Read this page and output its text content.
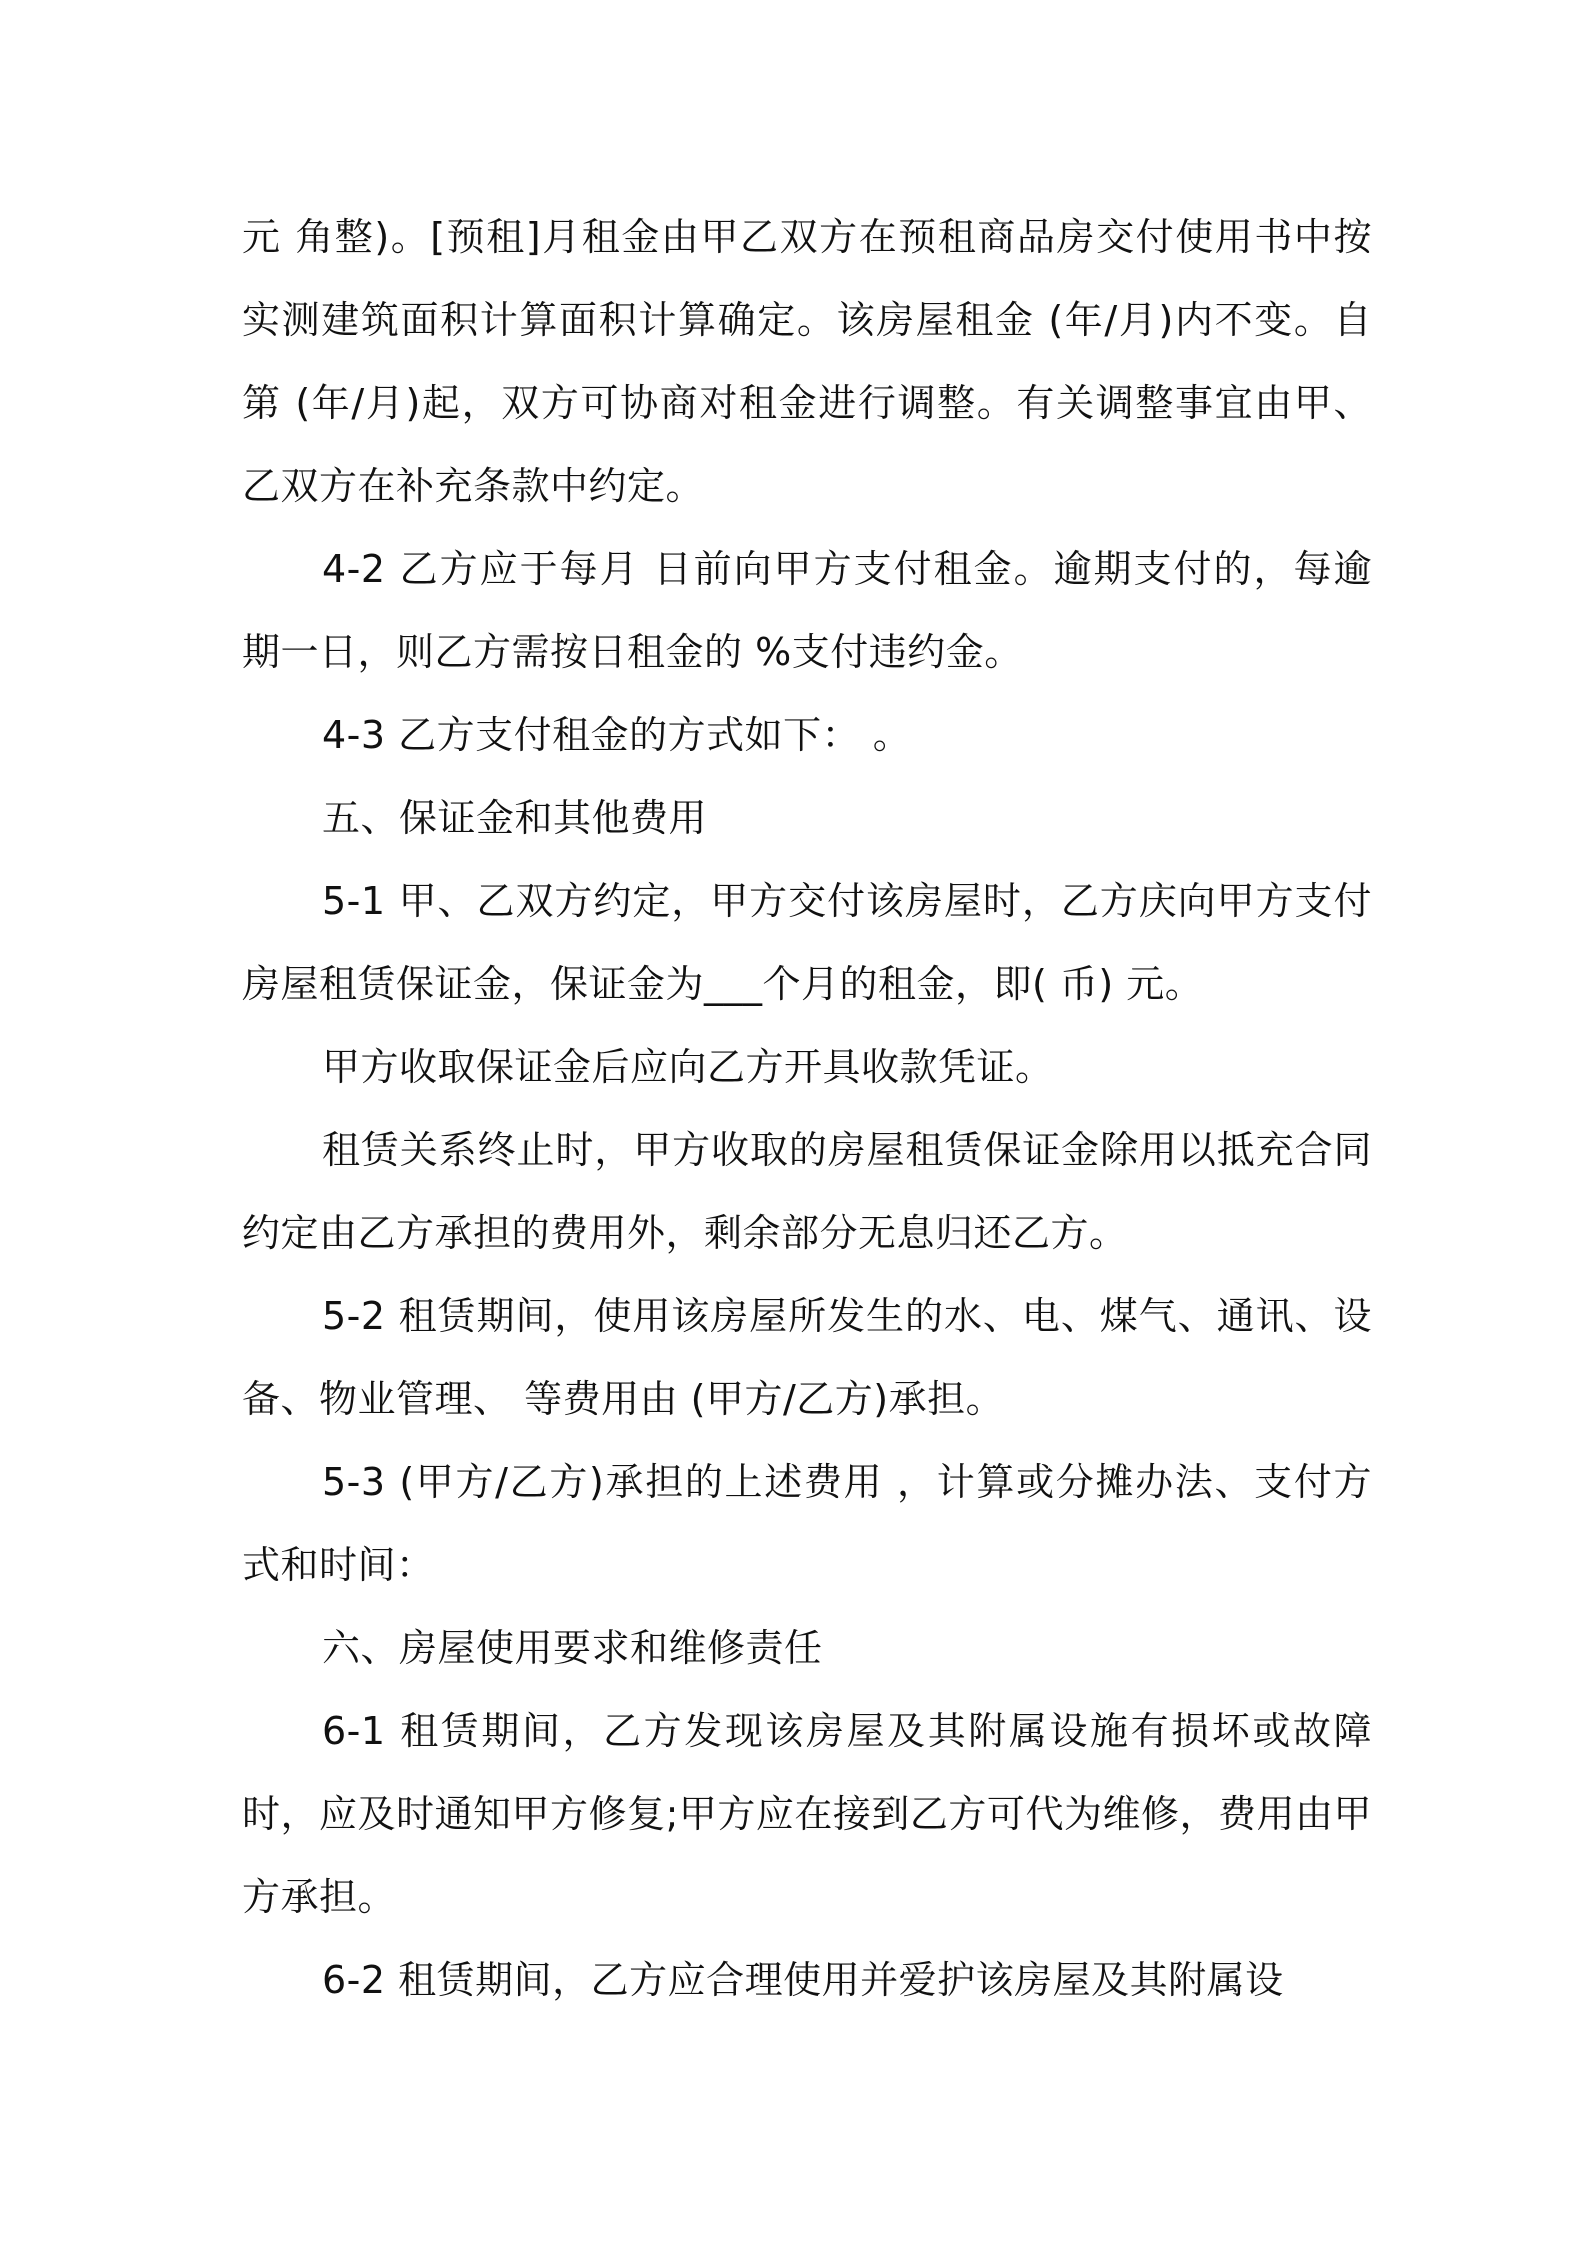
元 角整)。[预租]月租金由甲乙双方在预租商品房交付使用书中按实测建筑面积计算面积计算确定。该房屋租金 (年/月)内不变。自第 (年/月)起，双方可协商对租金进行调整。有关调整事宜由甲、乙双方在补充条款中约定。

4-2 乙方应于每月 日前向甲方支付租金。逾期支付的，每逾期一日，则乙方需按日租金的 %支付违约金。

4-3 乙方支付租金的方式如下： 。

五、保证金和其他费用

5-1 甲、乙双方约定，甲方交付该房屋时，乙方庆向甲方支付房屋租赁保证金，保证金为___个月的租金，即( 币) 元。

甲方收取保证金后应向乙方开具收款凭证。

租赁关系终止时，甲方收取的房屋租赁保证金除用以抵充合同约定由乙方承担的费用外，剩余部分无息归还乙方。

5-2 租赁期间，使用该房屋所发生的水、电、煤气、通讯、设备、物业管理、 等费用由 (甲方/乙方)承担。

5-3 (甲方/乙方)承担的上述费用 ，计算或分摊办法、支付方式和时间：

六、房屋使用要求和维修责任

6-1 租赁期间，乙方发现该房屋及其附属设施有损坏或故障时，应及时通知甲方修复;甲方应在接到乙方可代为维修，费用由甲方承担。

6-2 租赁期间，乙方应合理使用并爱护该房屋及其附属设
